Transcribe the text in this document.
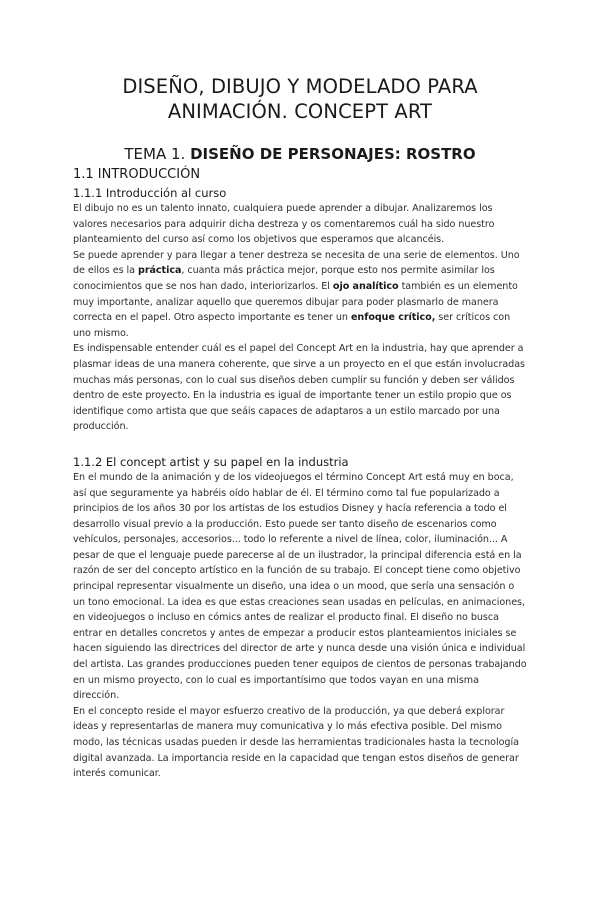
DISEÑO, DIBUJO Y MODELADO PARA
ANIMACIÓN. CONCEPT ART
TEMA 1. DISEÑO DE PERSONAJES: ROSTRO
1.1 INTRODUCCIÓN
1.1.1 Introducción al curso

El dibujo no es un talento innato, cualquiera puede aprender a dibujar. Analizaremos los valores necesarios para adquirir dicha destreza y os comentaremos cuál ha sido nuestro planteamiento del curso así como los objetivos que esperamos que alcancéis.

Se puede aprender y para llegar a tener destreza se necesita de una serie de elementos. Uno de ellos es la práctica, cuanta más práctica mejor, porque esto nos permite asimilar los conocimientos que se nos han dado, interiorizarlos. El ojo analítico también es un elemento muy importante, analizar aquello que queremos dibujar para poder plasmarlo de manera correcta en el papel. Otro aspecto importante es tener un enfoque crítico, ser críticos con uno mismo.

Es indispensable entender cuál es el papel del Concept Art en la industria, hay que aprender a plasmar ideas de una manera coherente, que sirve a un proyecto en el que están involucradas muchas más personas, con lo cual sus diseños deben cumplir su función y deben ser válidos dentro de este proyecto. En la industria es igual de importante tener un estilo propio que os identifique como artista que que seáis capaces de adaptaros a un estilo marcado por una producción.

1.1.2 El concept artist y su papel en la industria

En el mundo de la animación y de los videojuegos el término Concept Art está muy en boca, así que seguramente ya habréis oído hablar de él. El término como tal fue popularizado a principios de los años 30 por los artistas de los estudios Disney y hacía referencia a todo el desarrollo visual previo a la producción. Esto puede ser tanto diseño de escenarios como vehículos, personajes, accesorios... todo lo referente a nivel de línea, color, iluminación... A pesar de que el lenguaje puede parecerse al de un ilustrador, la principal diferencia está en la razón de ser del concepto artístico en la función de su trabajo. El concept tiene como objetivo principal representar visualmente un diseño, una idea o un mood, que sería una sensación o un tono emocional. La idea es que estas creaciones sean usadas en películas, en animaciones, en videojuegos o incluso en cómics antes de realizar el producto final. El diseño no busca entrar en detalles concretos y antes de empezar a producir estos planteamientos iniciales se hacen siguiendo las directrices del director de arte y nunca desde una visión única e individual del artista. Las grandes producciones pueden tener equipos de cientos de personas trabajando en un mismo proyecto, con lo cual es importantísimo que todos vayan en una misma dirección.

En el concepto reside el mayor esfuerzo creativo de la producción, ya que deberá explorar ideas y representarlas de manera muy comunicativa y lo más efectiva posible. Del mismo modo, las técnicas usadas pueden ir desde las herramientas tradicionales hasta la tecnología digital avanzada. La importancia reside en la capacidad que tengan estos diseños de generar interés comunicar.
